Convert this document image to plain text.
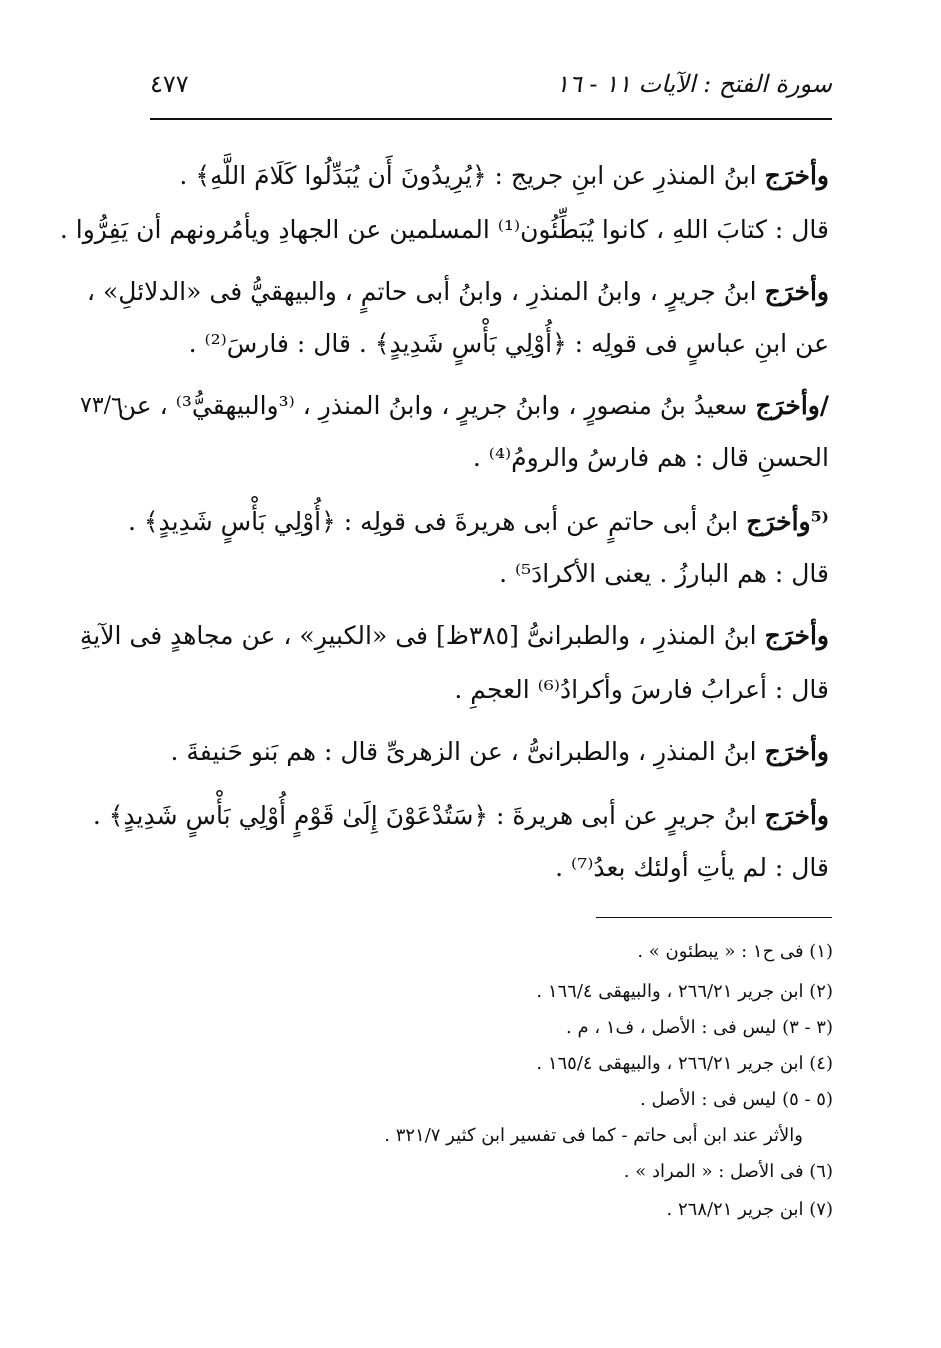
٤٧٧	سورة الفتح : الآيات ١١ - ١٦
٧٣/٦
وأخرَج ابنُ المنذرِ عن ابنِ جريج : ﴿يُرِيدُونَ أَن يُبَدِّلُوا كَلَامَ اللَّهِ﴾ .
قال : كتابَ اللهِ ، كانوا يُبَطِّئُون⁽¹⁾ المسلمين عن الجهادِ ويأمُرونهم أن يَفِرُّوا .
وأخرَج ابنُ جريرٍ ، وابنُ المنذرِ ، وابنُ أبى حاتمٍ ، والبيهقيُّ فى «الدلائلِ» ،
عن ابنِ عباسٍ فى قولِه : ﴿أُوْلِي بَأْسٍ شَدِيدٍ﴾ . قال : فارسَ⁽²⁾ .
/وأخرَج سعيدُ بنُ منصورٍ ، وابنُ جريرٍ ، وابنُ المنذرِ ، ⁽³والبيهقيُّ³⁾ ، عن
الحسنِ قال : هم فارسُ والرومُ⁽⁴⁾ .
⁽⁵وأخرَج ابنُ أبى حاتمٍ عن أبى هريرةَ فى قولِه : ﴿أُوْلِي بَأْسٍ شَدِيدٍ﴾ .
قال : هم البارزُ . يعنى الأكرادَ⁵⁾ .
وأخرَج ابنُ المنذرِ ، والطبرانىُّ [٣٨٥ظ] فى «الكبيرِ» ، عن مجاهدٍ فى الآيةِ
قال : أعرابُ فارسَ وأكرادُ⁽⁶⁾ العجمِ .
وأخرَج ابنُ المنذرِ ، والطبرانىُّ ، عن الزهرىِّ قال : هم بَنو حَنيفةَ .
وأخرَج ابنُ جريرٍ عن أبى هريرةَ : ﴿سَتُدْعَوْنَ إِلَىٰ قَوْمٍ أُوْلِي بَأْسٍ شَدِيدٍ﴾ .
قال : لم يأتِ أولئك بعدُ⁽⁷⁾ .
(١) فى ح١ : « يبطئون » .
(٢) ابن جرير ٢٦٦/٢١ ، والبيهقى ١٦٦/٤ .
(٣ - ٣) ليس فى : الأصل ، ف١ ، م .
(٤) ابن جرير ٢٦٦/٢١ ، والبيهقى ١٦٥/٤ .
(٥ - ٥) ليس فى : الأصل .
والأثر عند ابن أبى حاتم - كما فى تفسير ابن كثير ٣٢١/٧ .
(٦) فى الأصل : « المراد » .
(٧) ابن جرير ٢٦٨/٢١ .
